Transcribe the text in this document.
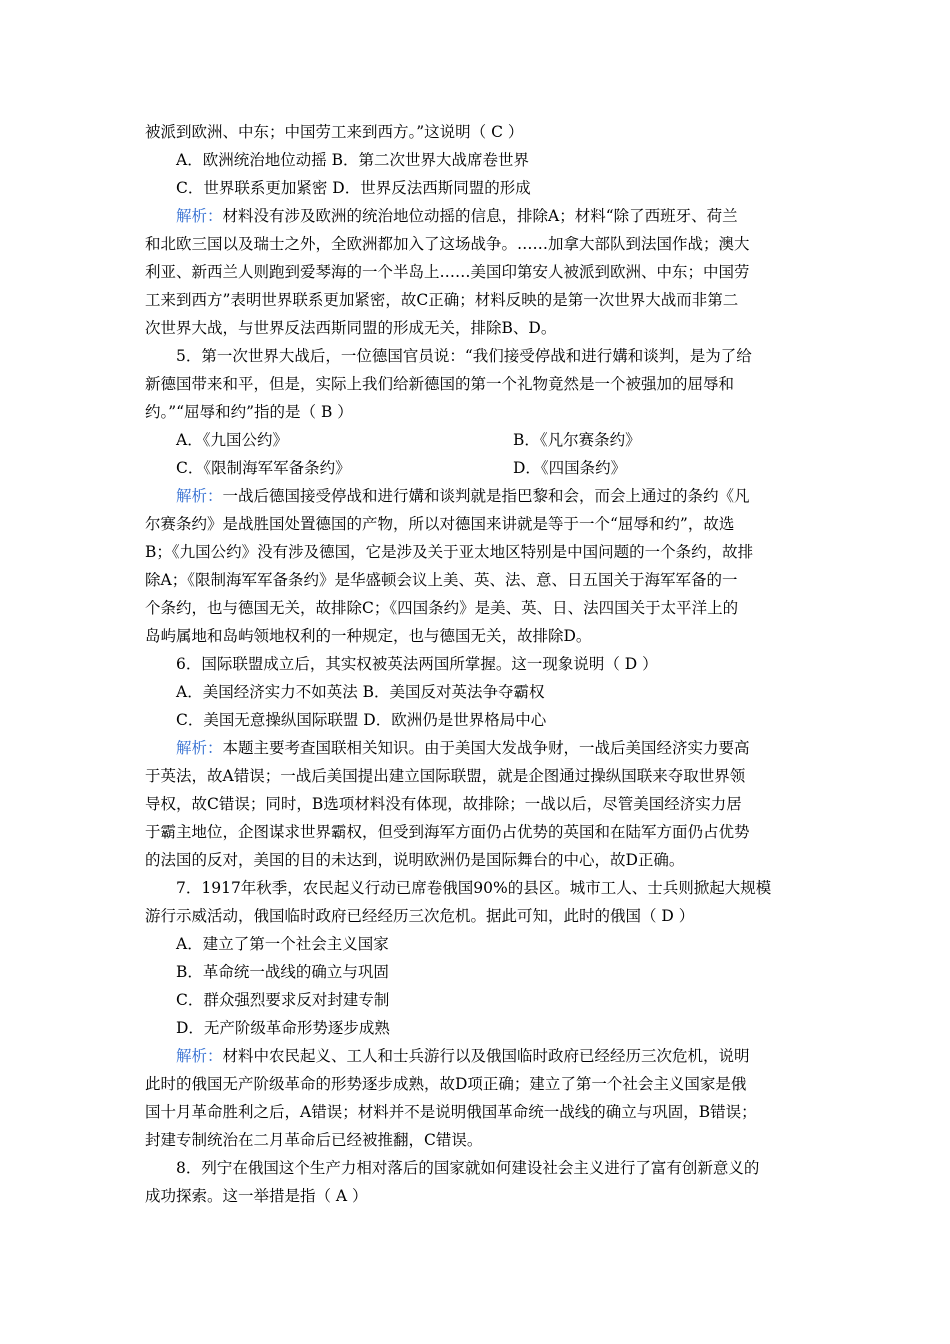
被派到欧洲、中东；中国劳工来到西方。”这说明（ C ）
A．欧洲统治地位动摇 B．第二次世界大战席卷世界
C．世界联系更加紧密 D．世界反法西斯同盟的形成
解析：材料没有涉及欧洲的统治地位动摇的信息，排除A；材料“除了西班牙、荷兰
和北欧三国以及瑞士之外，全欧洲都加入了这场战争。……加拿大部队到法国作战；澳大
利亚、新西兰人则跑到爱琴海的一个半岛上……美国印第安人被派到欧洲、中东；中国劳
工来到西方”表明世界联系更加紧密，故C正确；材料反映的是第一次世界大战而非第二
次世界大战，与世界反法西斯同盟的形成无关，排除B、D。
5．第一次世界大战后，一位德国官员说：“我们接受停战和进行媾和谈判，是为了给
新德国带来和平，但是，实际上我们给新德国的第一个礼物竟然是一个被强加的屈辱和
约。”“屈辱和约”指的是（ B ）
A．《九国公约》	B．《凡尔赛条约》
C．《限制海军军备条约》	D．《四国条约》
解析：一战后德国接受停战和进行媾和谈判就是指巴黎和会，而会上通过的条约《凡
尔赛条约》是战胜国处置德国的产物，所以对德国来讲就是等于一个“屈辱和约”，故选
B；《九国公约》没有涉及德国，它是涉及关于亚太地区特别是中国问题的一个条约，故排
除A；《限制海军军备条约》是华盛顿会议上美、英、法、意、日五国关于海军军备的一
个条约，也与德国无关，故排除C；《四国条约》是美、英、日、法四国关于太平洋上的
岛屿属地和岛屿领地权利的一种规定，也与德国无关，故排除D。
6．国际联盟成立后，其实权被英法两国所掌握。这一现象说明（ D ）
A．美国经济实力不如英法 B．美国反对英法争夺霸权
C．美国无意操纵国际联盟 D．欧洲仍是世界格局中心
解析：本题主要考查国联相关知识。由于美国大发战争财，一战后美国经济实力要高
于英法，故A错误；一战后美国提出建立国际联盟，就是企图通过操纵国联来夺取世界领
导权，故C错误；同时，B选项材料没有体现，故排除；一战以后，尽管美国经济实力居
于霸主地位，企图谋求世界霸权，但受到海军方面仍占优势的英国和在陆军方面仍占优势
的法国的反对，美国的目的未达到，说明欧洲仍是国际舞台的中心，故D正确。
7．1917年秋季，农民起义行动已席卷俄国90%的县区。城市工人、士兵则掀起大规模
游行示威活动，俄国临时政府已经经历三次危机。据此可知，此时的俄国（ D ）
A．建立了第一个社会主义国家
B．革命统一战线的确立与巩固
C．群众强烈要求反对封建专制
D．无产阶级革命形势逐步成熟
解析：材料中农民起义、工人和士兵游行以及俄国临时政府已经经历三次危机，说明
此时的俄国无产阶级革命的形势逐步成熟，故D项正确；建立了第一个社会主义国家是俄
国十月革命胜利之后，A错误；材料并不是说明俄国革命统一战线的确立与巩固，B错误；
封建专制统治在二月革命后已经被推翻，C错误。
8．列宁在俄国这个生产力相对落后的国家就如何建设社会主义进行了富有创新意义的
成功探索。这一举措是指（ A ）
